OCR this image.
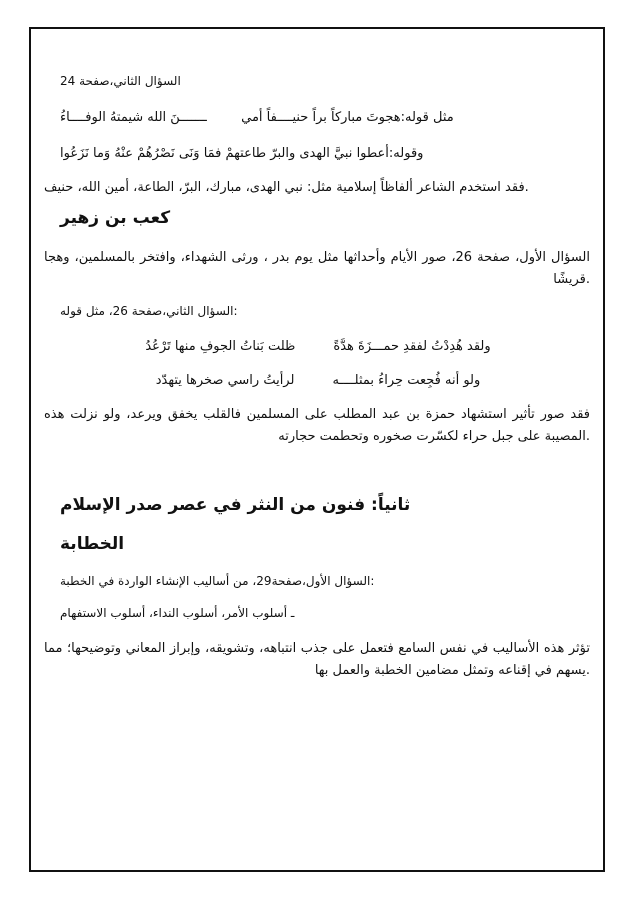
السؤال الثاني،صفحة 24
مثل قوله:هجوتَ مباركاً براً حنيــــفاً أمي  ـــــــنَ الله شيمتهُ الوفــــاءُ
وقوله:أعطوا نبيَّ الهدى والبرّ طاعتهمْ فمَا وَنَى نَصْرُهُمْ عنْهُ وَما نَزَعُوا
فقد استخدم الشاعر ألفاظاً إسلامية مثل: نبي الهدى، مبارك، البرّ، الطاعة، أمين الله، حنيف.
كعب بن زهير
السؤال الأول، صفحة 26، صور الأيام وأحداثها مثل يوم بدر ، ورثى الشهداء، وافتخر بالمسلمين، وهجا قريشًا.
السؤال الثاني،صفحة 26، مثل قوله:
ولقد هُدِدْتُ لفقدِ حمـــزَةَ هدَّةً
ظلت بَناتُ الجوفِ منها تَرْعُدُ
ولو أنه فُجِعت حِراءُ بمثلــــه
لرأيتُ راسي صخرها يتهدّد
فقد صور تأثير استشهاد حمزة بن عبد المطلب على المسلمين فالقلب يخفق ويرعد، ولو نزلت هذه المصيبة على جبل حراء لكسّرت صخوره وتحطمت حجارته.
ثانياً: فنون من النثر في عصر صدر الإسلام
الخطابة
السؤال الأول،صفحة29، من أساليب الإنشاء الواردة في الخطبة:
ـ أسلوب الأمر، أسلوب النداء، أسلوب الاستفهام
تؤثر هذه الأساليب في نفس السامع فتعمل على جذب انتباهه، وتشويقه، وإبراز المعاني وتوضيحها؛ مما يسهم في إقناعه وتمثل مضامين الخطبة والعمل بها.
